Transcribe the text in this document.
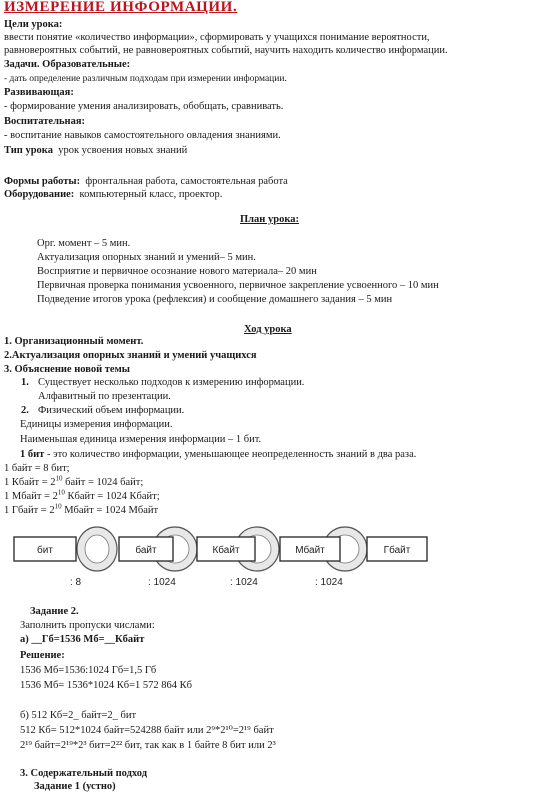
ИЗМЕРЕНИЕ ИНФОРМАЦИИ.
Цели урока:
ввести понятие «количество информации», сформировать у учащихся понимание вероятности,
равновероятных событий, не равновероятных событий, научить находить количество информации.
Задачи. Образовательные:
- дать определение различным подходам при измерении информации.
Развивающая:
- формирование умения анализировать, обобщать, сравнивать.
Воспитательная:
- воспитание навыков самостоятельного овладения знаниями.
Тип урока урок усвоения новых знаний
Формы работы: фронтальная работа, самостоятельная работа
Оборудование: компьютерный класс, проектор.
План урока:
Орг. момент – 5 мин.
Актуализация опорных знаний и умений– 5 мин.
Восприятие и первичное осознание нового материала– 20 мин
Первичная проверка понимания усвоенного, первичное закрепление усвоенного – 10 мин
Подведение итогов урока (рефлексия) и сообщение домашнего задания – 5 мин
Ход урока
1. Организационный момент.
2.Актуализация опорных знаний и умений учащихся
3. Объяснение новой темы
1. Существует несколько подходов к измерению информации.
Алфавитный по презентации.
2. Физический объем информации.
Единицы измерения информации.
Наименьшая единица измерения информации – 1 бит.
1 бит - это количество информации, уменьшающее неопределенность знаний в два раза.
1 байт = 8 бит;
1 Кбайт = $2^{10}$ байт = 1024 байт;
1 Мбайт = $2^{10}$ Кбайт = 1024 Кбайт;
1 Гбайт = $2^{10}$ Мбайт = 1024 Мбайт
бит	байт	Кбайт	Мбайт	Гбайт
: 8	: 1024	: 1024	: 1024
Задание 2.
Заполнить пропуски числами:
а) __Гб=1536 Мб=__Кбайт
Решение:
1536 Мб=1536:1024 Гб=1,5 Гб
1536 Мб= 1536*1024 Кб=1 572 864 Кб
б) 512 Кб=2_ байт=2_ бит
512 Кб= 512*1024 байт=524288 байт или 2⁹*2¹⁰=2¹⁹ байт
2¹⁹ байт=2¹⁹*2³ бит=2²² бит, так как в 1 байте 8 бит или 2³
3. Содержательный подход
Задание 1 (устно)
